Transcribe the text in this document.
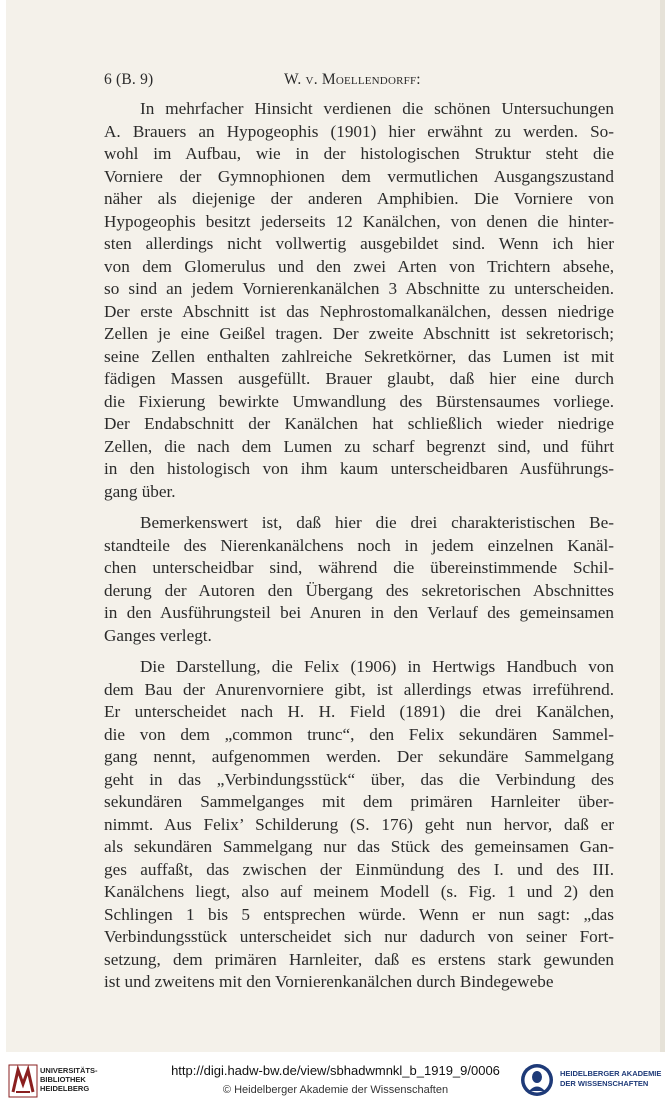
6 (B. 9)	W. v. Moellendorff:
In mehrfacher Hinsicht verdienen die schönen Untersuchungen
A. Brauers an Hypogeophis (1901) hier erwähnt zu werden. So-
wohl im Aufbau, wie in der histologischen Struktur steht die
Vorniere der Gymnophionen dem vermutlichen Ausgangszustand
näher als diejenige der anderen Amphibien. Die Vorniere von
Hypogeophis besitzt jederseits 12 Kanälchen, von denen die hinter-
sten allerdings nicht vollwertig ausgebildet sind. Wenn ich hier
von dem Glomerulus und den zwei Arten von Trichtern absehe,
so sind an jedem Vornierenkanälchen 3 Abschnitte zu unterscheiden.
Der erste Abschnitt ist das Nephrostomalkanälchen, dessen niedrige
Zellen je eine Geißel tragen. Der zweite Abschnitt ist sekretorisch;
seine Zellen enthalten zahlreiche Sekretkörner, das Lumen ist mit
fädigen Massen ausgefüllt. Brauer glaubt, daß hier eine durch
die Fixierung bewirkte Umwandlung des Bürstensaumes vorliege.
Der Endabschnitt der Kanälchen hat schließlich wieder niedrige
Zellen, die nach dem Lumen zu scharf begrenzt sind, und führt
in den histologisch von ihm kaum unterscheidbaren Ausführungs-
gang über.
Bemerkenswert ist, daß hier die drei charakteristischen Be-
standteile des Nierenkanälchens noch in jedem einzelnen Kanäl-
chen unterscheidbar sind, während die übereinstimmende Schil-
derung der Autoren den Übergang des sekretorischen Abschnittes
in den Ausführungsteil bei Anuren in den Verlauf des gemeinsamen
Ganges verlegt.
Die Darstellung, die Felix (1906) in Hertwigs Handbuch von
dem Bau der Anurenvorniere gibt, ist allerdings etwas irreführend.
Er unterscheidet nach H. H. Field (1891) die drei Kanälchen,
die von dem „common trunc“, den Felix sekundären Sammel-
gang nennt, aufgenommen werden. Der sekundäre Sammelgang
geht in das „Verbindungsstück“ über, das die Verbindung des
sekundären Sammelganges mit dem primären Harnleiter über-
nimmt. Aus Felix’ Schilderung (S. 176) geht nun hervor, daß er
als sekundären Sammelgang nur das Stück des gemeinsamen Gan-
ges auffaßt, das zwischen der Einmündung des I. und des III.
Kanälchens liegt, also auf meinem Modell (s. Fig. 1 und 2) den
Schlingen 1 bis 5 entsprechen würde. Wenn er nun sagt: „das
Verbindungsstück unterscheidet sich nur dadurch von seiner Fort-
setzung, dem primären Harnleiter, daß es erstens stark gewunden
ist und zweitens mit den Vornierenkanälchen durch Bindegewebe
UNIVERSITÄTS-
BIBLIOTHEK
HEIDELBERG
http://digi.hadw-bw.de/view/sbhadwmnkl_b_1919_9/0006
© Heidelberger Akademie der Wissenschaften
HEIDELBERGER AKADEMIE
DER WISSENSCHAFTEN
